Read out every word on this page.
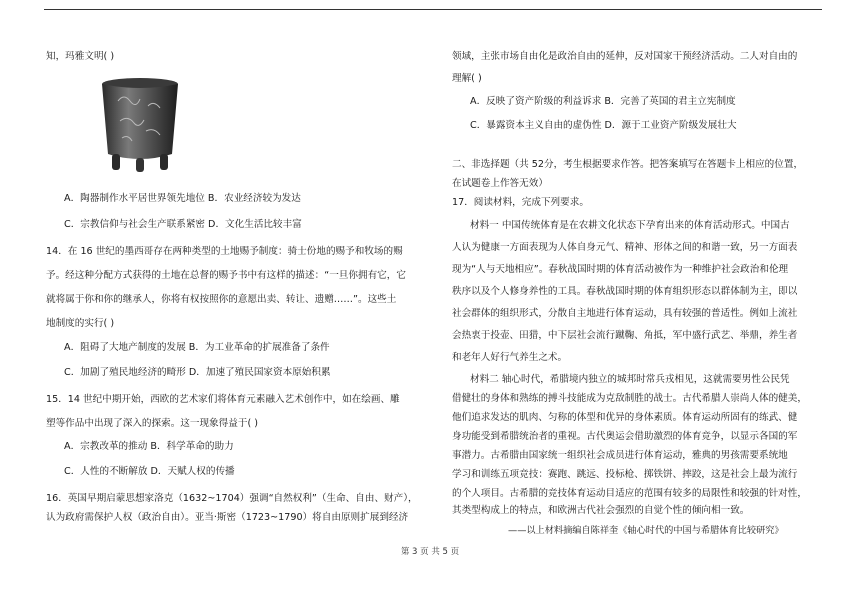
知，玛雅文明( )
A．陶器制作水平居世界领先地位 B．农业经济较为发达
C．宗教信仰与社会生产联系紧密 D．文化生活比较丰富
14．在 16 世纪的墨西哥存在两种类型的土地赐予制度：骑士份地的赐予和牧场的赐
予。经这种分配方式获得的土地在总督的赐予书中有这样的描述：“一旦你拥有它，它
就将属于你和你的继承人，你将有权按照你的意愿出卖、转让、遗赠……”。这些土
地制度的实行( )
A．阻碍了大地产制度的发展 B．为工业革命的扩展准备了条件
C．加剧了殖民地经济的畸形 D．加速了殖民国家资本原始积累
15．14 世纪中期开始，西欧的艺术家们将体育元素融入艺术创作中，如在绘画、雕
塑等作品中出现了深入的探索。这一现象得益于( )
A．宗教改革的推动 B．科学革命的助力
C．人性的不断解放 D．天赋人权的传播
16．英国早期启蒙思想家洛克（1632~1704）强调“自然权利”（生命、自由、财产），
认为政府需保护人权（政治自由）。亚当·斯密（1723~1790）将自由原则扩展到经济
领域，主张市场自由化是政治自由的延伸，反对国家干预经济活动。二人对自由的
理解( )
A．反映了资产阶级的利益诉求 B．完善了英国的君主立宪制度
C．暴露资本主义自由的虚伪性 D．源于工业资产阶级发展壮大
二、非选择题（共 52分，考生根据要求作答。把答案填写在答题卡上相应的位置，
在试题卷上作答无效）
17．阅读材料，完成下列要求。
材料一 中国传统体育是在农耕文化状态下孕育出来的体育活动形式。中国古
人认为健康一方面表现为人体自身元气、精神、形体之间的和谐一致，另一方面表
现为“人与天地相应”。春秋战国时期的体育活动被作为一种维护社会政治和伦理
秩序以及个人修身养性的工具。春秋战国时期的体育组织形态以群体制为主，即以
社会群体的组织形式，分散自主地进行体育运动，具有较强的普适性。例如上流社
会热衷于投壶、田猎，中下层社会流行蹴鞠、角抵，军中盛行武艺、举鼎，养生者
和老年人好行气养生之术。
材料二 轴心时代，希腊境内独立的城邦时常兵戎相见，这就需要男性公民凭
借健壮的身体和熟练的搏斗技能成为克敌制胜的战士。古代希腊人崇尚人体的健美，
他们追求发达的肌肉、匀称的体型和优异的身体素质。体育运动所固有的练武、健
身功能受到希腊统治者的重视。古代奥运会借助激烈的体育竞争，以显示各国的军
事潜力。古希腊由国家统一组织社会成员进行体育运动，雅典的男孩需要系统地
学习和训练五项竞技：赛跑、跳远、投标枪、掷铁饼、摔跤，这是社会上最为流行
的个人项目。古希腊的竞技体育运动目适应的范围有较多的局限性和较强的针对性，
其类型构成上的特点，和欧洲古代社会强烈的自觉个性的倾向相一致。
——以上材料摘编自陈祥奎《轴心时代的中国与希腊体育比较研究》
第 3 页 共 5 页
